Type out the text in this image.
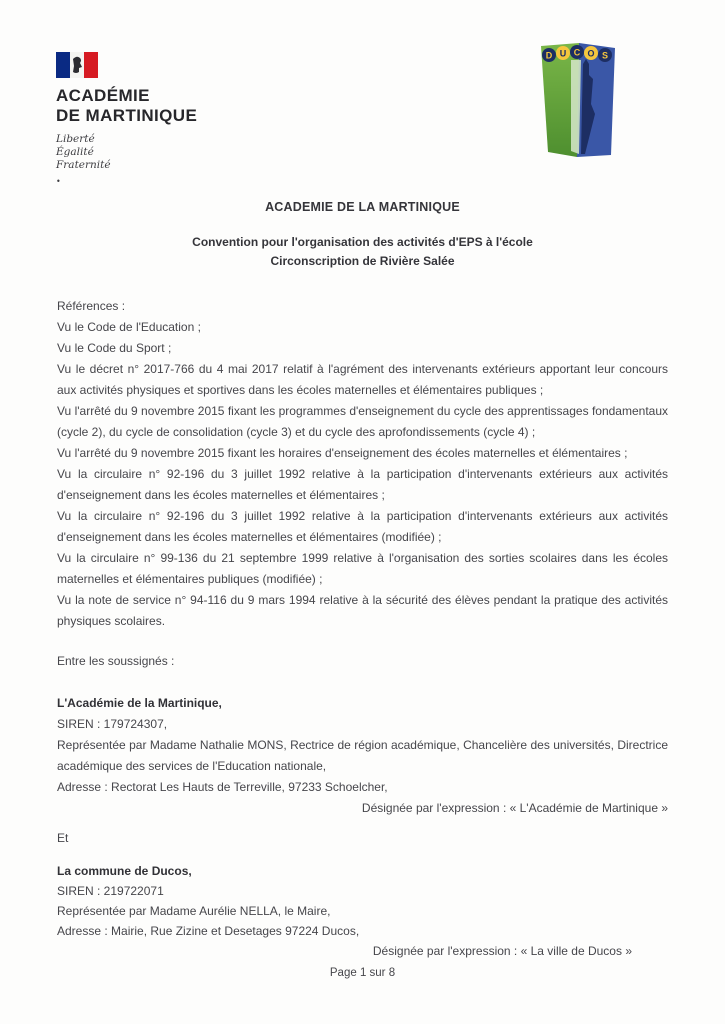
ACADÉMIE
DE MARTINIQUE
Liberté
Égalité
Fraternité
•
D U C O S
ACADEMIE DE LA MARTINIQUE
Convention pour l'organisation des activités d'EPS à l'école
Circonscription de Rivière Salée

Références :

Vu le Code de l'Education ;

Vu le Code du Sport ;

Vu le décret n° 2017-766 du 4 mai 2017 relatif à l'agrément des intervenants extérieurs apportant leur concours aux activités physiques et sportives dans les écoles maternelles et élémentaires publiques ;

Vu l'arrêté du 9 novembre 2015 fixant les programmes d'enseignement du cycle des apprentissages fondamentaux (cycle 2), du cycle de consolidation (cycle 3) et du cycle des aprofondissements (cycle 4) ;

Vu l'arrêté du 9 novembre 2015 fixant les horaires d'enseignement des écoles maternelles et élémentaires ;

Vu la circulaire n° 92-196 du 3 juillet 1992 relative à la participation d'intervenants extérieurs aux activités d'enseignement dans les écoles maternelles et élémentaires ;

Vu la circulaire n° 92-196 du 3 juillet 1992 relative à la participation d'intervenants extérieurs aux activités d'enseignement dans les écoles maternelles et élémentaires (modifiée) ;

Vu la circulaire n° 99-136 du 21 septembre 1999 relative à l'organisation des sorties scolaires dans les écoles maternelles et élémentaires publiques (modifiée) ;

Vu la note de service n° 94-116 du 9 mars 1994 relative à la sécurité des élèves pendant la pratique des activités physiques scolaires.

Entre les soussignés :

L'Académie de la Martinique,

SIREN : 179724307,

Représentée par Madame Nathalie MONS, Rectrice de région académique, Chancelière des universités, Directrice académique des services de l'Education nationale,

Adresse : Rectorat Les Hauts de Terreville, 97233 Schoelcher,

Désignée par l'expression : « L'Académie de Martinique »

Et

La commune de Ducos,

SIREN : 219722071

Représentée par Madame Aurélie NELLA, le Maire,

Adresse : Mairie, Rue Zizine et Desetages 97224 Ducos,

Désignée par l'expression : « La ville de Ducos »

Page 1 sur 8
